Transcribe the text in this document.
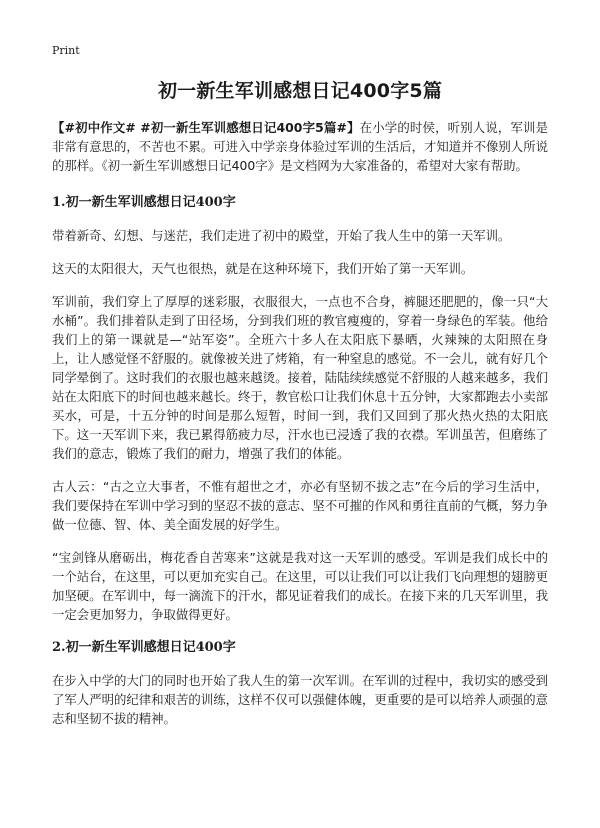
Print
初一新生军训感想日记400字5篇

【#初中作文# #初一新生军训感想日记400字5篇#】在小学的时侯，听别人说，军训是非常有意思的，不苦也不累。可进入中学亲身体验过军训的生活后，才知道并不像别人所说的那样。《初一新生军训感想日记400字》是文档网为大家准备的，希望对大家有帮助。

1.初一新生军训感想日记400字

带着新奇、幻想、与迷茫，我们走进了初中的殿堂，开始了我人生中的第一天军训。

这天的太阳很大，天气也很热，就是在这种环境下，我们开始了第一天军训。

军训前，我们穿上了厚厚的迷彩服，衣服很大，一点也不合身，裤腿还肥肥的，像一只“大水桶”。我们排着队走到了田径场，分到我们班的教官瘦瘦的，穿着一身绿色的军装。他给我们上的第一课就是—“站军姿”。全班六十多人在太阳底下暴晒，火辣辣的太阳照在身上，让人感觉怪不舒服的。就像被关进了烤箱，有一种窒息的感觉。不一会儿，就有好几个同学晕倒了。这时我们的衣服也越来越烫。接着，陆陆续续感觉不舒服的人越来越多，我们站在太阳底下的时间也越来越长。终于，教官松口让我们休息十五分钟，大家都跑去小卖部买水，可是，十五分钟的时间是那么短暂，时间一到，我们又回到了那火热火热的太阳底下。这一天军训下来，我已累得筋疲力尽，汗水也已浸透了我的衣襟。军训虽苦，但磨练了我们的意志，锻炼了我们的耐力，增强了我们的体能。

古人云：“古之立大事者，不惟有超世之才，亦必有坚韧不拔之志”在今后的学习生活中，我们要保持在军训中学习到的坚忍不拔的意志、坚不可摧的作风和勇往直前的气概，努力争做一位德、智、体、美全面发展的好学生。

“宝剑锋从磨砺出，梅花香自苦寒来”这就是我对这一天军训的感受。军训是我们成长中的一个站台，在这里，可以更加充实自己。在这里，可以让我们可以让我们飞向理想的翅膀更加坚硬。在军训中，每一滴流下的汗水，都见证着我们的成长。在接下来的几天军训里，我一定会更加努力，争取做得更好。

2.初一新生军训感想日记400字

在步入中学的大门的同时也开始了我人生的第一次军训。在军训的过程中，我切实的感受到了军人严明的纪律和艰苦的训练，这样不仅可以强健体魄，更重要的是可以培养人顽强的意志和坚韧不拔的精神。
